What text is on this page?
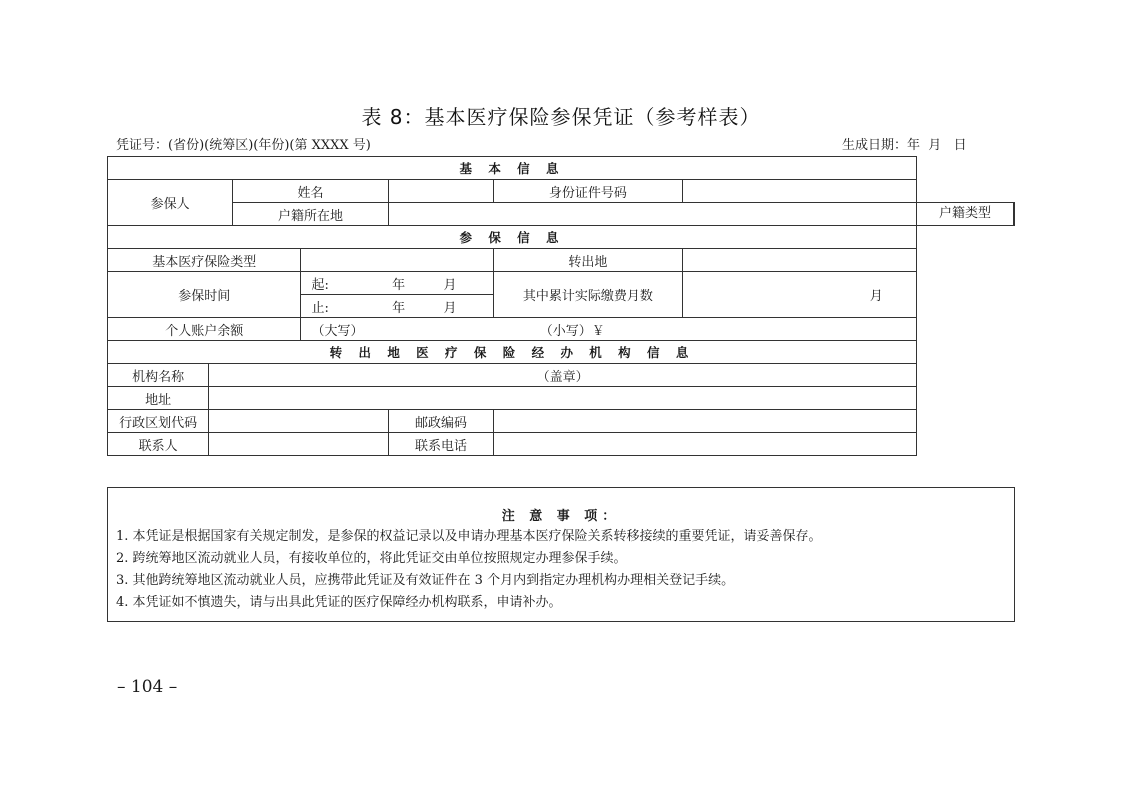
表 8：基本医疗保险参保凭证（参考样表）
凭证号：(省份)(统筹区)(年份)(第 XXXX 号)	生成日期：年  月   日
基 本 信 息							
参保人		姓名			身份证件号码		
		户籍所在地					户籍类型

参 保 信 息							
基本医疗保险类型					转出地		
参保时间			起: 年 月		其中累计实际缴费月数	月	
			止: 年 月				
个人账户余额			（大写） （小写）￥				
转 出 地 医 疗 保 险 经 办 机 构 信 息							
机构名称	（盖章）						
地址							
行政区划代码				邮政编码			
联系人				联系电话			
注 意 事 项：
1. 本凭证是根据国家有关规定制发，是参保的权益记录以及申请办理基本医疗保险关系转移接续的重要凭证，请妥善保存。
2. 跨统筹地区流动就业人员，有接收单位的，将此凭证交由单位按照规定办理参保手续。
3. 其他跨统筹地区流动就业人员，应携带此凭证及有效证件在 3 个月内到指定办理机构办理相关登记手续。
4. 本凭证如不慎遗失，请与出具此凭证的医疗保障经办机构联系，申请补办。
– 104 –
